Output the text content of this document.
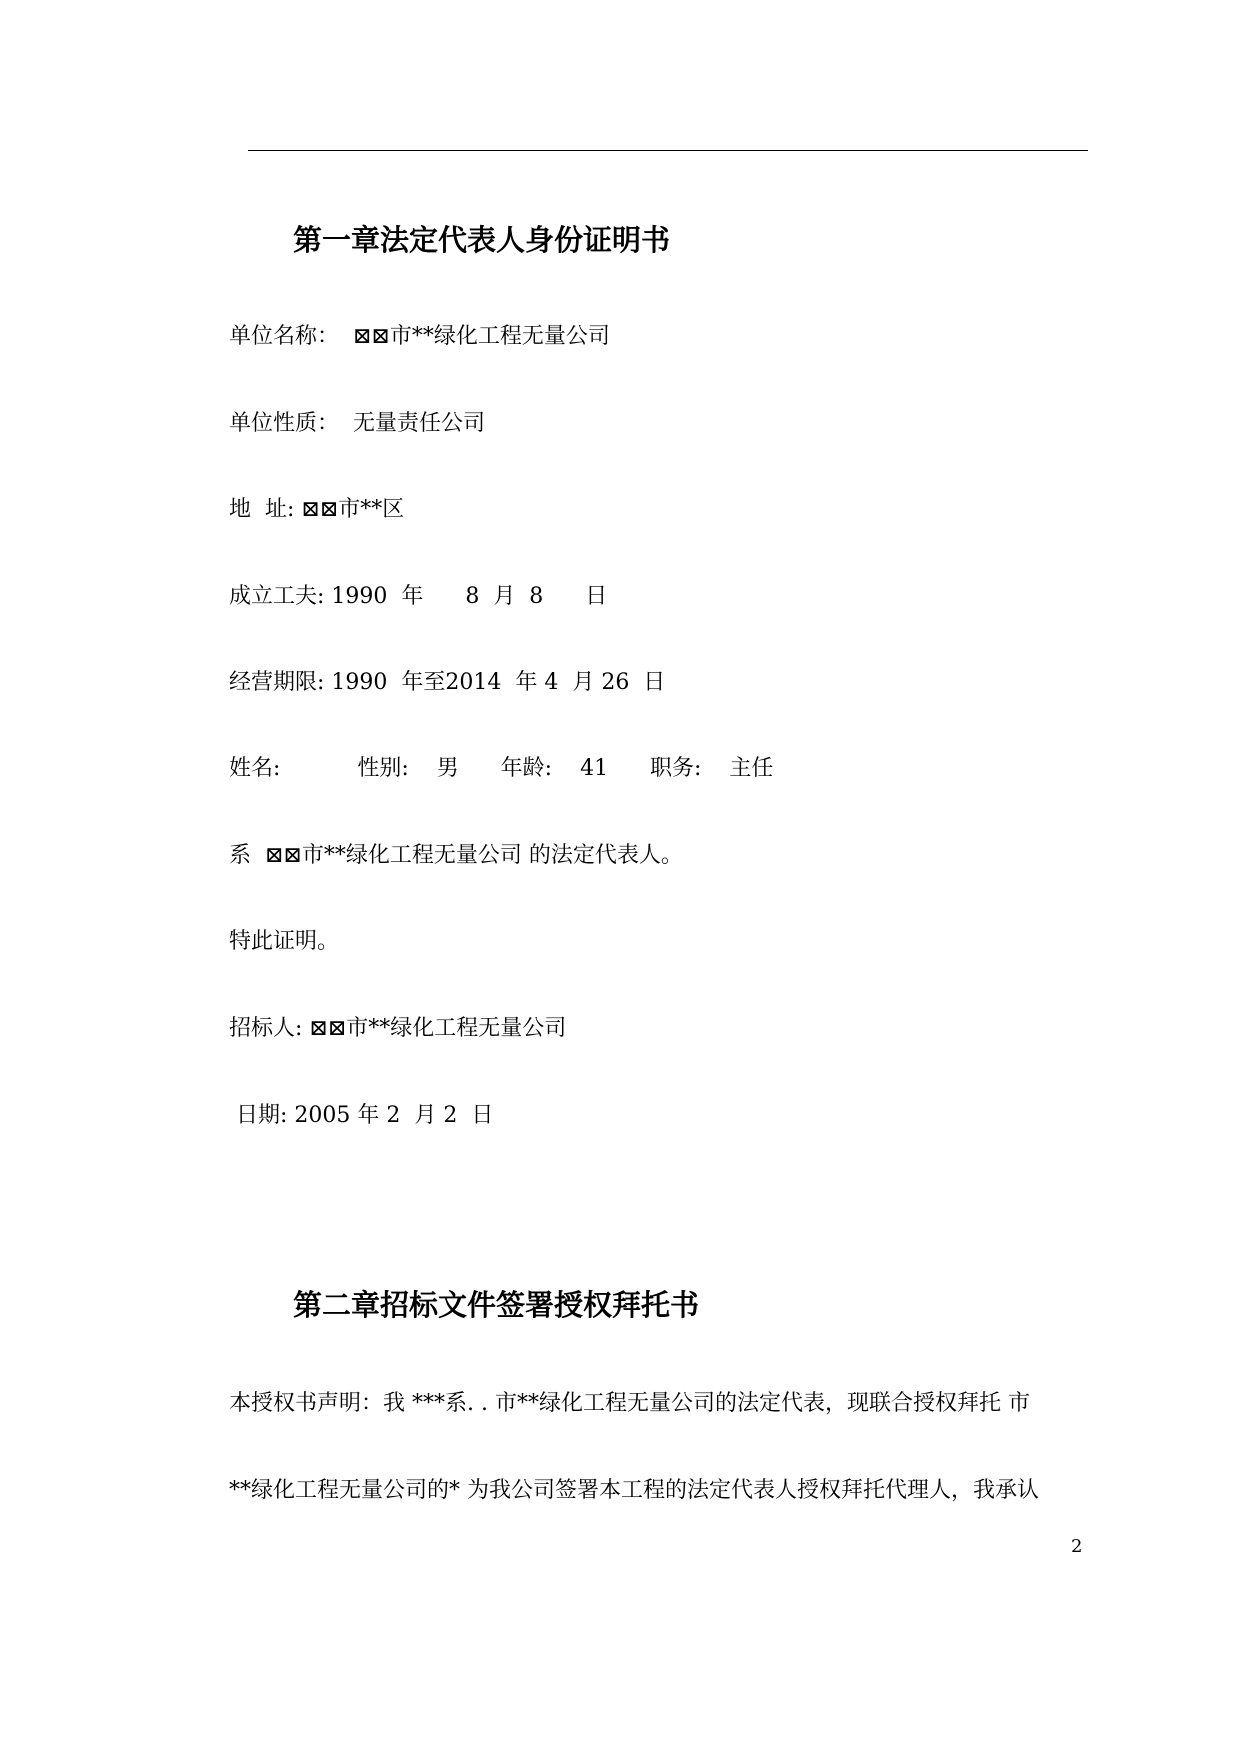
第一章法定代表人身份证明书
单位名称：  ⊠⊠市**绿化工程无量公司
单位性质：  无量责任公司
地  址: ⊠⊠市**区
成立工夫: 1990  年      8  月  8      日
经营期限: 1990  年至2014  年 4  月 26  日
姓名:           性别:    男      年龄:    41      职务:    主任
系  ⊠⊠市**绿化工程无量公司 的法定代表人。
特此证明。
招标人: ⊠⊠市**绿化工程无量公司
日期: 2005 年 2  月 2  日
第二章招标文件签署授权拜托书
本授权书声明：我 ***系. . 市**绿化工程无量公司的法定代表，现联合授权拜托 市
**绿化工程无量公司的* 为我公司签署本工程的法定代表人授权拜托代理人，我承认
2
